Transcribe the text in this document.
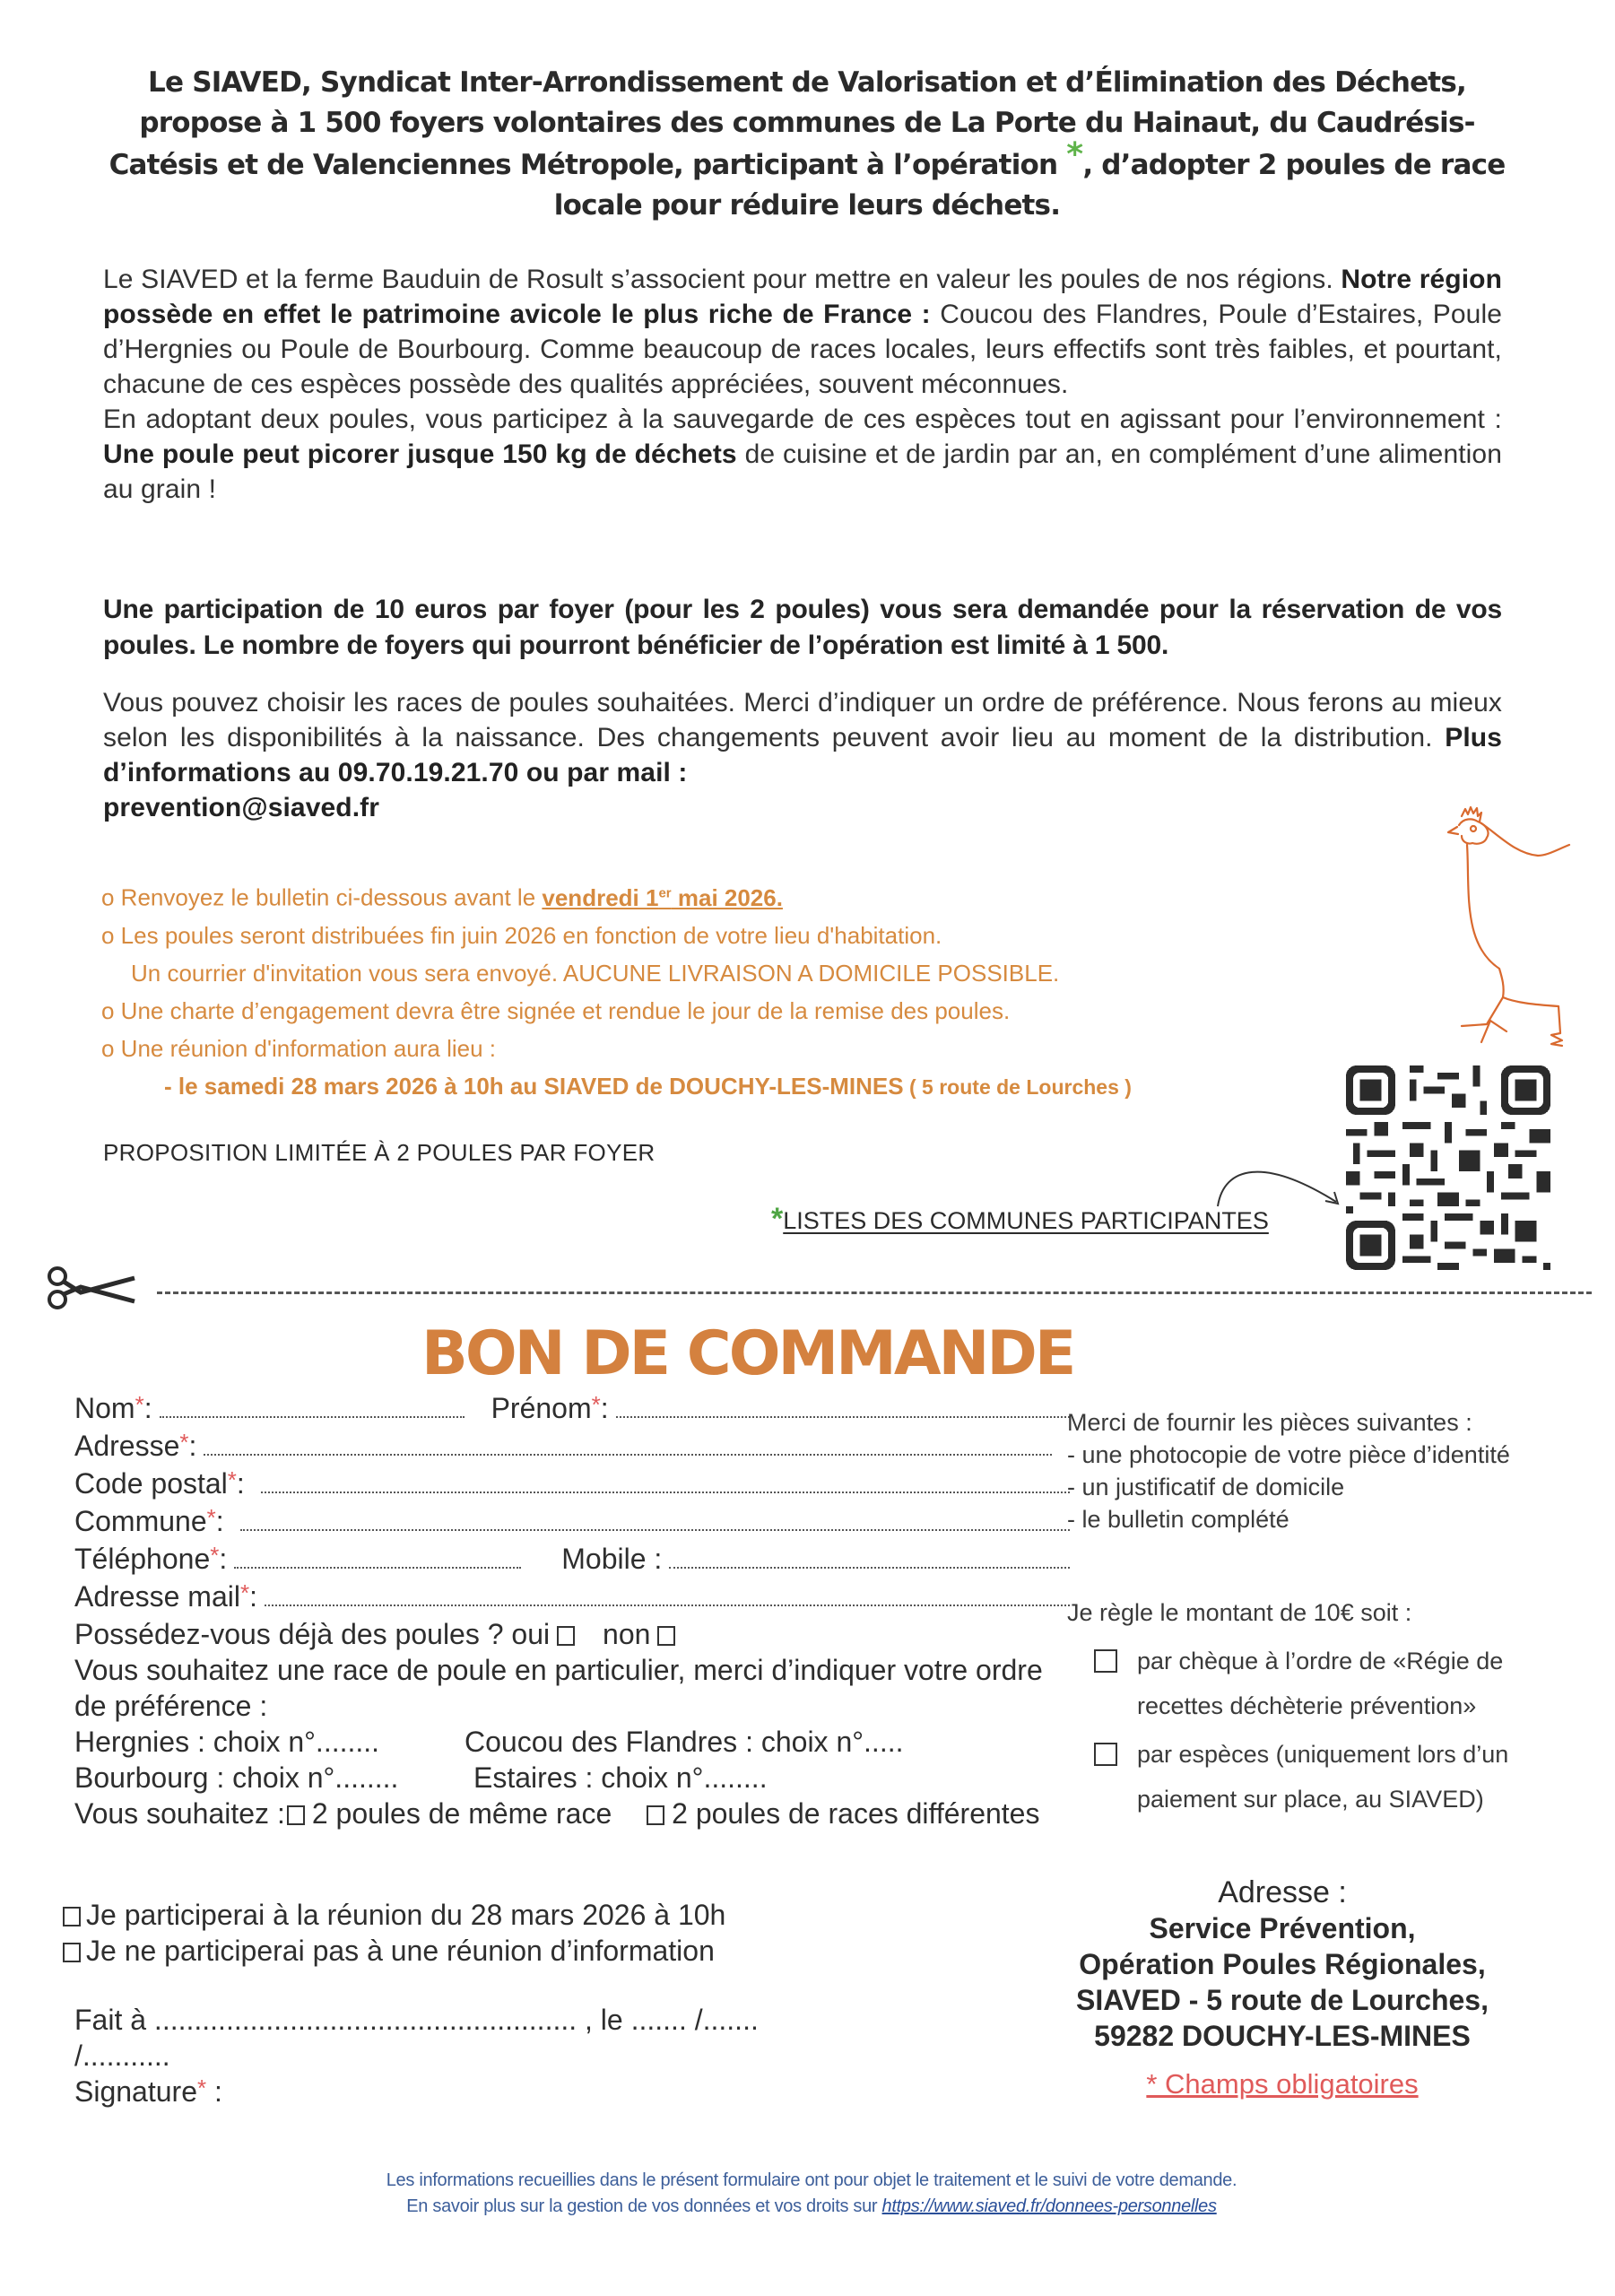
Le SIAVED, Syndicat Inter-Arrondissement de Valorisation et d’Élimination des Déchets, propose à 1 500 foyers volontaires des communes de La Porte du Hainaut, du Caudrésis-Catésis et de Valenciennes Métropole, participant à l’opération *, d’adopter 2 poules de race locale pour réduire leurs déchets.
Le SIAVED et la ferme Bauduin de Rosult s’associent pour mettre en valeur les poules de nos régions. Notre région possède en effet le patrimoine avicole le plus riche de France : Coucou des Flandres, Poule d’Estaires, Poule d’Hergnies ou Poule de Bourbourg. Comme beaucoup de races locales, leurs effectifs sont très faibles, et pourtant, chacune de ces espèces possède des qualités appréciées, souvent méconnues.
En adoptant deux poules, vous participez à la sauvegarde de ces espèces tout en agissant pour l’environnement : Une poule peut picorer jusque 150 kg de déchets de cuisine et de jardin par an, en complément d’une alimention au grain !
Une participation de 10 euros par foyer (pour les 2 poules) vous sera demandée pour la réservation de vos poules. Le nombre de foyers qui pourront bénéficier de l’opération est limité à 1 500.
Vous pouvez choisir les races de poules souhaitées. Merci d’indiquer un ordre de préférence. Nous ferons au mieux selon les disponibilités à la naissance. Des changements peuvent avoir lieu au moment de la distribution. Plus d’informations au 09.70.19.21.70 ou par mail :
prevention@siaved.fr
o Renvoyez le bulletin ci-dessous avant le vendredi 1er mai 2026.
o Les poules seront distribuées fin juin 2026 en fonction de votre lieu d'habitation.
Un courrier d'invitation vous sera envoyé. AUCUNE LIVRAISON A DOMICILE POSSIBLE.
o Une charte d’engagement devra être signée et rendue le jour de la remise des poules.
o Une réunion d'information aura lieu :
- le samedi 28 mars 2026 à 10h au SIAVED de DOUCHY-LES-MINES ( 5 route de Lourches )
PROPOSITION LIMITÉE À 2 POULES PAR FOYER
*LISTES DES COMMUNES PARTICIPANTES
BON DE COMMANDE
Nom * :	Prénom * :
Adresse * :
Code postal * :
Commune * :
Téléphone * :	Mobile :
Adresse mail * :
Possédez-vous déjà des poules ? oui non
Vous souhaitez une race de poule en particulier, merci d’indiquer votre ordre de préférence :
Hergnies : choix n°........	Coucou des Flandres : choix n°.....
Bourbourg : choix n°........	Estaires : choix n°........
Vous souhaitez : 2 poules de même race 2 poules de races différentes
Je participerai à la réunion du 28 mars 2026 à 10h
Je ne participerai pas à une réunion d’information
Fait à ..................................................... , le ....... /....... /...........
Signature* :
Merci de fournir les pièces suivantes :
- une photocopie de votre pièce d’identité
- un justificatif de domicile
- le bulletin complété
Je règle le montant de 10€ soit :
par chèque à l’ordre de «Régie de recettes déchèterie prévention»
par espèces (uniquement lors d’un paiement sur place, au SIAVED)
Adresse :
Service Prévention,
Opération Poules Régionales,
SIAVED - 5 route de Lourches,
59282 DOUCHY-LES-MINES
* Champs obligatoires
Les informations recueillies dans le présent formulaire ont pour objet le traitement et le suivi de votre demande.
En savoir plus sur la gestion de vos données et vos droits sur https://www.siaved.fr/donnees-personnelles
